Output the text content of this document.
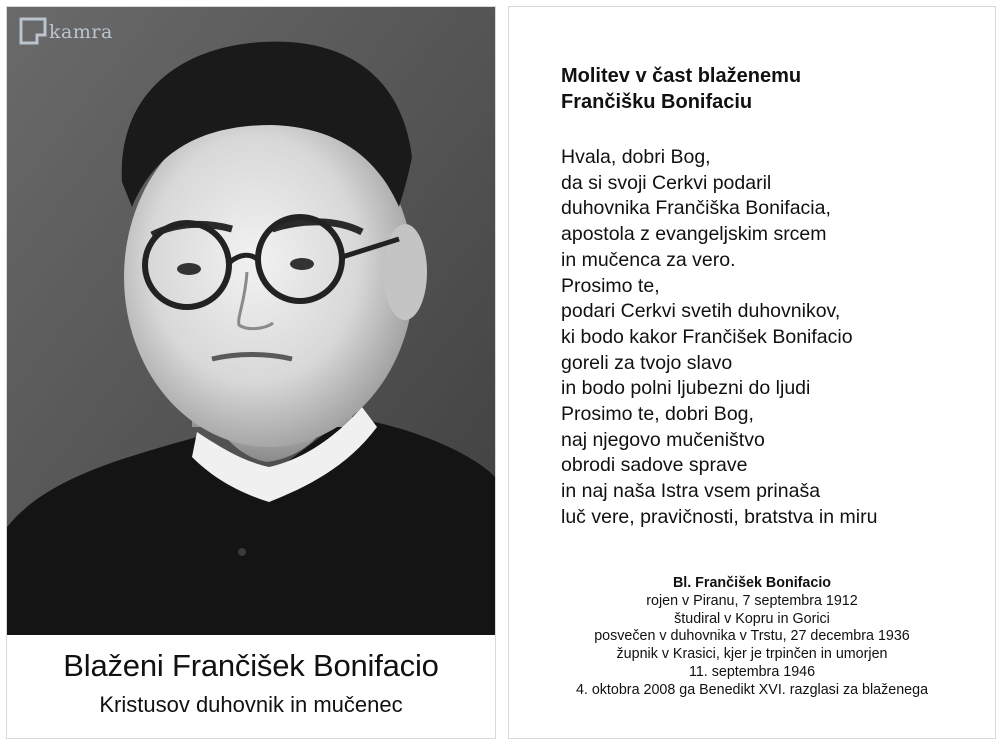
kamra
Blaženi Frančišek Bonifacio
Kristusov duhovnik in mučenec
Molitev v čast blaženemu
Frančišku Bonifaciu
Hvala, dobri Bog,
da si svoji Cerkvi podaril
duhovnika Frančiška Bonifacia,
apostola z evangeljskim srcem
in mučenca za vero.
Prosimo te,
podari Cerkvi svetih duhovnikov,
ki bodo kakor Frančišek Bonifacio
goreli za tvojo slavo
in bodo polni ljubezni do ljudi
Prosimo te, dobri Bog,
naj njegovo mučeništvo
obrodi sadove sprave
in naj naša Istra vsem prinaša
luč vere, pravičnosti, bratstva in miru
Bl. Frančišek Bonifacio
rojen v Piranu, 7 septembra 1912
študiral v Kopru in Gorici
posvečen v duhovnika v Trstu, 27 decembra 1936
župnik v Krasici, kjer je trpinčen in umorjen
11. septembra 1946
4. oktobra 2008 ga Benedikt XVI. razglasi za blaženega
